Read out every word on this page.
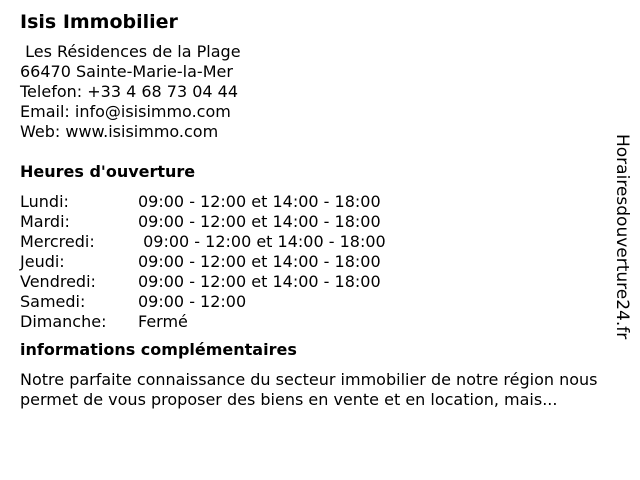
Isis Immobilier
Les Résidences de la Plage
66470 Sainte-Marie-la-Mer
Telefon: +33 4 68 73 04 44
Email: info@isisimmo.com
Web: www.isisimmo.com
Heures d'ouverture
Lundi:	09:00 - 12:00 et 14:00 - 18:00
Mardi:	09:00 - 12:00 et 14:00 - 18:00
Mercredi:	09:00 - 12:00 et 14:00 - 18:00
Jeudi:	09:00 - 12:00 et 14:00 - 18:00
Vendredi:	09:00 - 12:00 et 14:00 - 18:00
Samedi:	09:00 - 12:00
Dimanche:	Fermé
informations complémentaires
Notre parfaite connaissance du secteur immobilier de notre région nous permet de vous proposer des biens en vente et en location, mais...
Horairesdouverture24.fr
